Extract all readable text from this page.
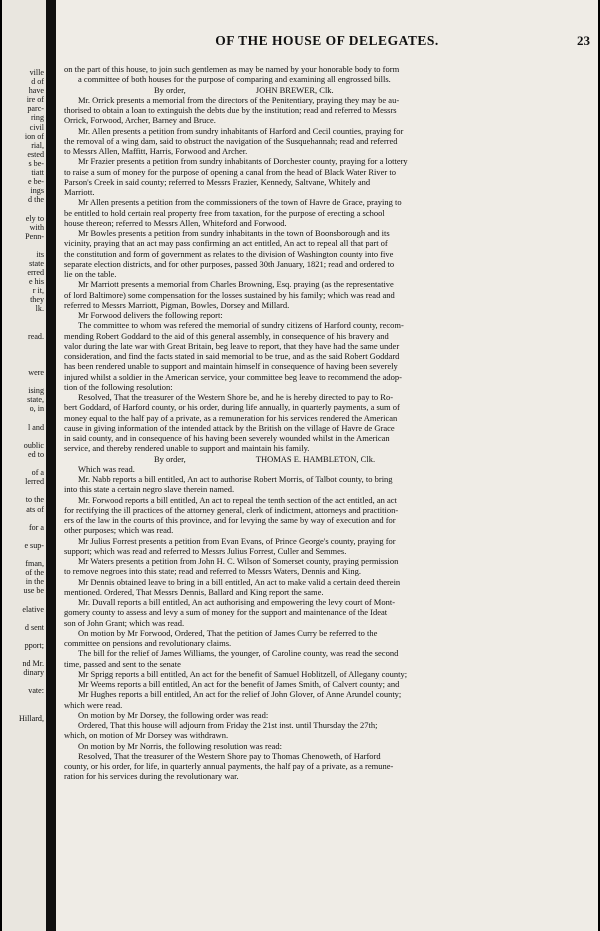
ville
d of
have
ire of
parc-
ring
civil
ion of
rial,
ested
s be-
tiatt
e be-
ings
d the
ely to
with
Penn-
its
state
erred
e his
r it,
they
lk.
read.
were
ising
state,
o, in
l and
oublic
ed to
of a
lerred
to the
ats of
for a
e sup-
fman,
of the
in the
use be
elative
d sent
pport;
nd Mr.
dinary
vate:
Hillard,
OF THE HOUSE OF DELEGATES.	23
on the part of this house, to join such gentlemen as may be named by your honorable body to form
a committee of both houses for the purpose of comparing and examining all engrossed bills.
By order,	JOHN BREWER, Clk.
Mr. Orrick presents a memorial from the directors of the Penitentiary, praying they may be au-
thorised to obtain a loan to extinguish the debts due by the institution; read and referred to Messrs
Orrick, Forwood, Archer, Barney and Bruce.
Mr. Allen presents a petition from sundry inhabitants of Harford and Cecil counties, praying for
the removal of a wing dam, said to obstruct the navigation of the Susquehannah; read and referred
to Messrs Allen, Maffitt, Harris, Forwood and Archer.
Mr Frazier presents a petition from sundry inhabitants of Dorchester county, praying for a lottery
to raise a sum of money for the purpose of opening a canal from the head of Black Water River to
Parson's Creek in said county; referred to Messrs Frazier, Kennedy, Saltvane, Whitely and
Marriott.
Mr Allen presents a petition from the commissioners of the town of Havre de Grace, praying to
be entitled to hold certain real property free from taxation, for the purpose of erecting a school
house thereon; referred to Messrs Allen, Whiteford and Forwood.
Mr Bowles presents a petition from sundry inhabitants in the town of Boonsborough and its
vicinity, praying that an act may pass confirming an act entitled, An act to repeal all that part of
the constitution and form of government as relates to the division of Washington county into five
separate election districts, and for other purposes, passed 30th January, 1821; read and ordered to
lie on the table.
Mr Marriott presents a memorial from Charles Browning, Esq. praying (as the representative
of lord Baltimore) some compensation for the losses sustained by his family; which was read and
referred to Messrs Marriott, Pigman, Bowles, Dorsey and Millard.
Mr Forwood delivers the following report:
The committee to whom was refered the memorial of sundry citizens of Harford county, recom-
mending Robert Goddard to the aid of this general assembly, in consequence of his bravery and
valor during the late war with Great Britain, beg leave to report, that they have had the same under
consideration, and find the facts stated in said memorial to be true, and as the said Robert Goddard
has been rendered unable to support and maintain himself in consequence of having been severely
injured whilst a soldier in the American service, your committee beg leave to recommend the adop-
tion of the following resolution:
Resolved, That the treasurer of the Western Shore be, and he is hereby directed to pay to Ro-
bert Goddard, of Harford county, or his order, during life annually, in quarterly payments, a sum of
money equal to the half pay of a private, as a remuneration for his services rendered the American
cause in giving information of the intended attack by the British on the village of Havre de Grace
in said county, and in consequence of his having been severely wounded whilst in the American
service, and thereby rendered unable to support and maintain his family.
By order,	THOMAS E. HAMBLETON, Clk.
Which was read.
Mr. Nabb reports a bill entitled, An act to authorise Robert Morris, of Talbot county, to bring
into this state a certain negro slave therein named.
Mr. Forwood reports a bill entitled, An act to repeal the tenth section of the act entitled, an act
for rectifying the ill practices of the attorney general, clerk of indictment, attorneys and practition-
ers of the law in the courts of this province, and for levying the same by way of execution and for
other purposes; which was read.
Mr Julius Forrest presents a petition from Evan Evans, of Prince George's county, praying for
support; which was read and referred to Messrs Julius Forrest, Culler and Semmes.
Mr Waters presents a petition from John H. C. Wilson of Somerset county, praying permission
to remove negroes into this state; read and referred to Messrs Waters, Dennis and King.
Mr Dennis obtained leave to bring in a bill entitled, An act to make valid a certain deed therein
mentioned. Ordered, That Messrs Dennis, Ballard and King report the same.
Mr. Duvall reports a bill entitled, An act authorising and empowering the levy court of Mont-
gomery county to assess and levy a sum of money for the support and maintenance of the Ideat
son of John Grant; which was read.
On motion by Mr Forwood, Ordered, That the petition of James Curry be referred to the
committee on pensions and revolutionary claims.
The bill for the relief of James Williams, the younger, of Caroline county, was read the second
time, passed and sent to the senate
Mr Sprigg reports a bill entitled, An act for the benefit of Samuel Hoblitzell, of Allegany county;
Mr Weems reports a bill entitled, An act for the benefit of James Smith, of Calvert county; and
Mr Hughes reports a bill entitled, An act for the relief of John Glover, of Anne Arundel county;
which were read.
On motion by Mr Dorsey, the following order was read:
Ordered, That this house will adjourn from Friday the 21st inst. until Thursday the 27th;
which, on motion of Mr Dorsey was withdrawn.
On motion by Mr Norris, the following resolution was read:
Resolved, That the treasurer of the Western Shore pay to Thomas Chenoweth, of Harford
county, or his order, for life, in quarterly annual payments, the half pay of a private, as a remune-
ration for his services during the revolutionary war.
